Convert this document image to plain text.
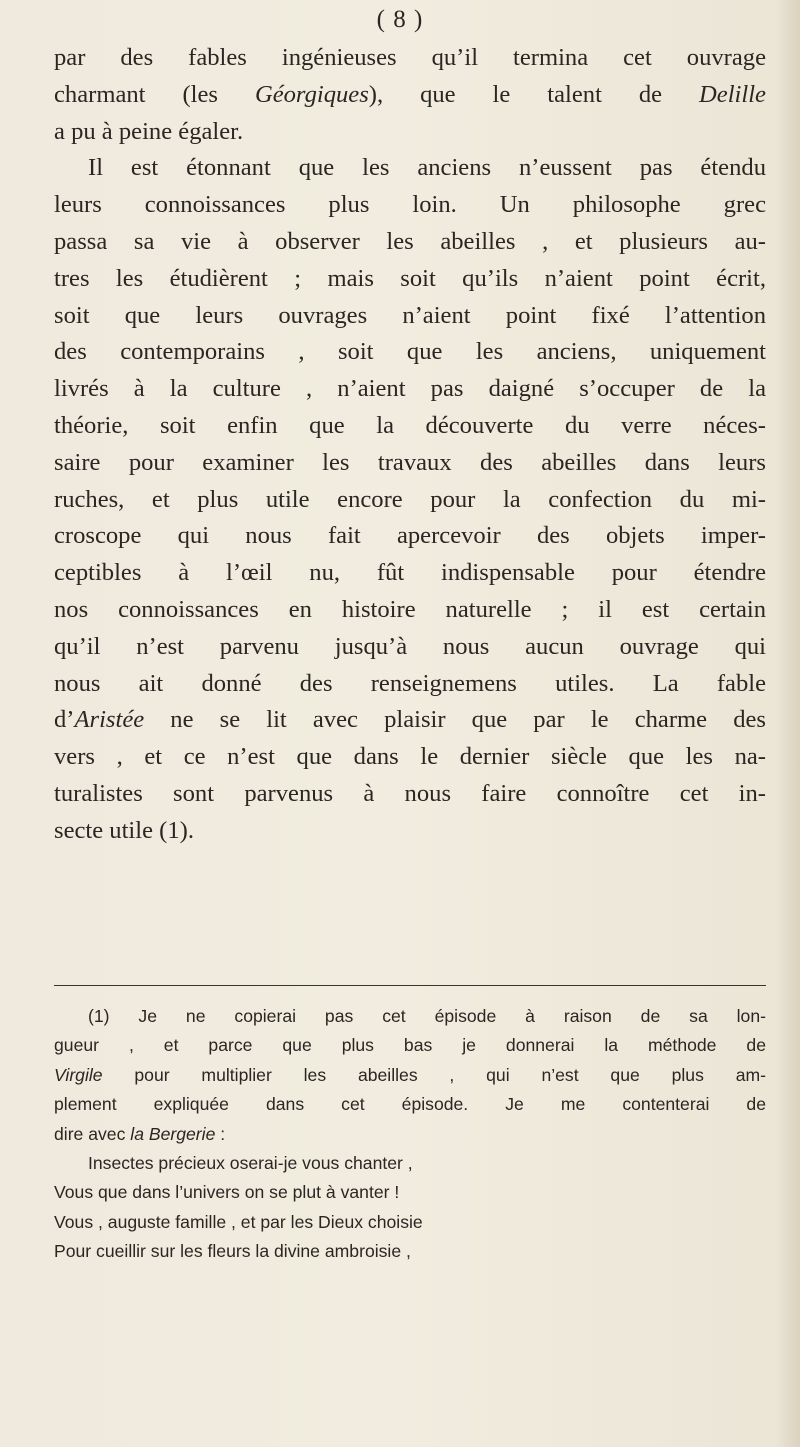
( 8 )
par des fables ingénieuses qu’il termina cet ouvrage
charmant (les Géorgiques), que le talent de Delille
a pu à peine égaler.
Il est étonnant que les anciens n’eussent pas étendu
leurs connoissances plus loin. Un philosophe grec
passa sa vie à observer les abeilles , et plusieurs au-
tres les étudièrent ; mais soit qu’ils n’aient point écrit,
soit que leurs ouvrages n’aient point fixé l’attention
des contemporains , soit que les anciens, uniquement
livrés à la culture , n’aient pas daigné s’occuper de la
théorie, soit enfin que la découverte du verre néces-
saire pour examiner les travaux des abeilles dans leurs
ruches, et plus utile encore pour la confection du mi-
croscope qui nous fait apercevoir des objets imper-
ceptibles à l’œil nu, fût indispensable pour étendre
nos connoissances en histoire naturelle ; il est certain
qu’il n’est parvenu jusqu’à nous aucun ouvrage qui
nous ait donné des renseignemens utiles. La fable
d’Aristée ne se lit avec plaisir que par le charme des
vers , et ce n’est que dans le dernier siècle que les na-
turalistes sont parvenus à nous faire connoître cet in-
secte utile (1).
(1) Je ne copierai pas cet épisode à raison de sa lon-
gueur , et parce que plus bas je donnerai la méthode de
Virgile pour multiplier les abeilles , qui n’est que plus am-
plement expliquée dans cet épisode. Je me contenterai de
dire avec la Bergerie :
Insectes précieux oserai-je vous chanter ,
Vous que dans l’univers on se plut à vanter !
Vous , auguste famille , et par les Dieux choisie
Pour cueillir sur les fleurs la divine ambroisie ,
